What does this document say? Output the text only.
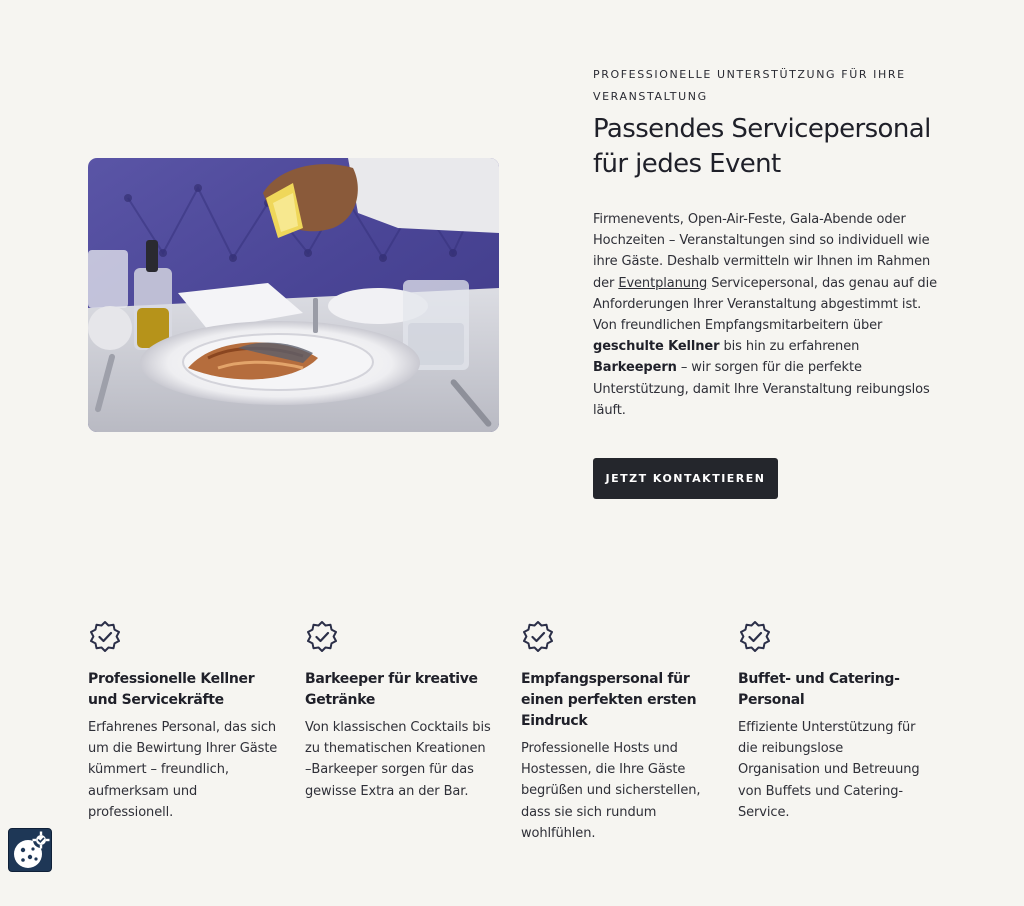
PROFESSIONELLE UNTERSTÜTZUNG FÜR IHRE VERANSTALTUNG
Passendes Servicepersonal
für jedes Event

Firmenevents, Open-Air-Feste, Gala-Abende oder Hochzeiten – Veranstaltungen sind so individuell wie ihre Gäste. Deshalb vermitteln wir Ihnen im Rahmen der Eventplanung Servicepersonal, das genau auf die Anforderungen Ihrer Veranstaltung abgestimmt ist. Von freundlichen Empfangsmitarbeitern über geschulte Kellner bis hin zu erfahrenen Barkeepern – wir sorgen für die perfekte Unterstützung, damit Ihre Veranstaltung reibungslos läuft.

JETZT KONTAKTIEREN
Professionelle Kellner und Servicekräfte

Erfahrenes Personal, das sich um die Bewirtung Ihrer Gäste kümmert – freundlich, aufmerksam und professionell.

Barkeeper für kreative Getränke

Von klassischen Cocktails bis zu thematischen Kreationen –Barkeeper sorgen für das gewisse Extra an der Bar.

Empfangspersonal für einen perfekten ersten Eindruck

Professionelle Hosts und Hostessen, die Ihre Gäste begrüßen und sicherstellen, dass sie sich rundum wohlfühlen.

Buffet- und Catering-Personal

Effiziente Unterstützung für die reibungslose Organisation und Betreuung von Buffets und Catering-Service.
